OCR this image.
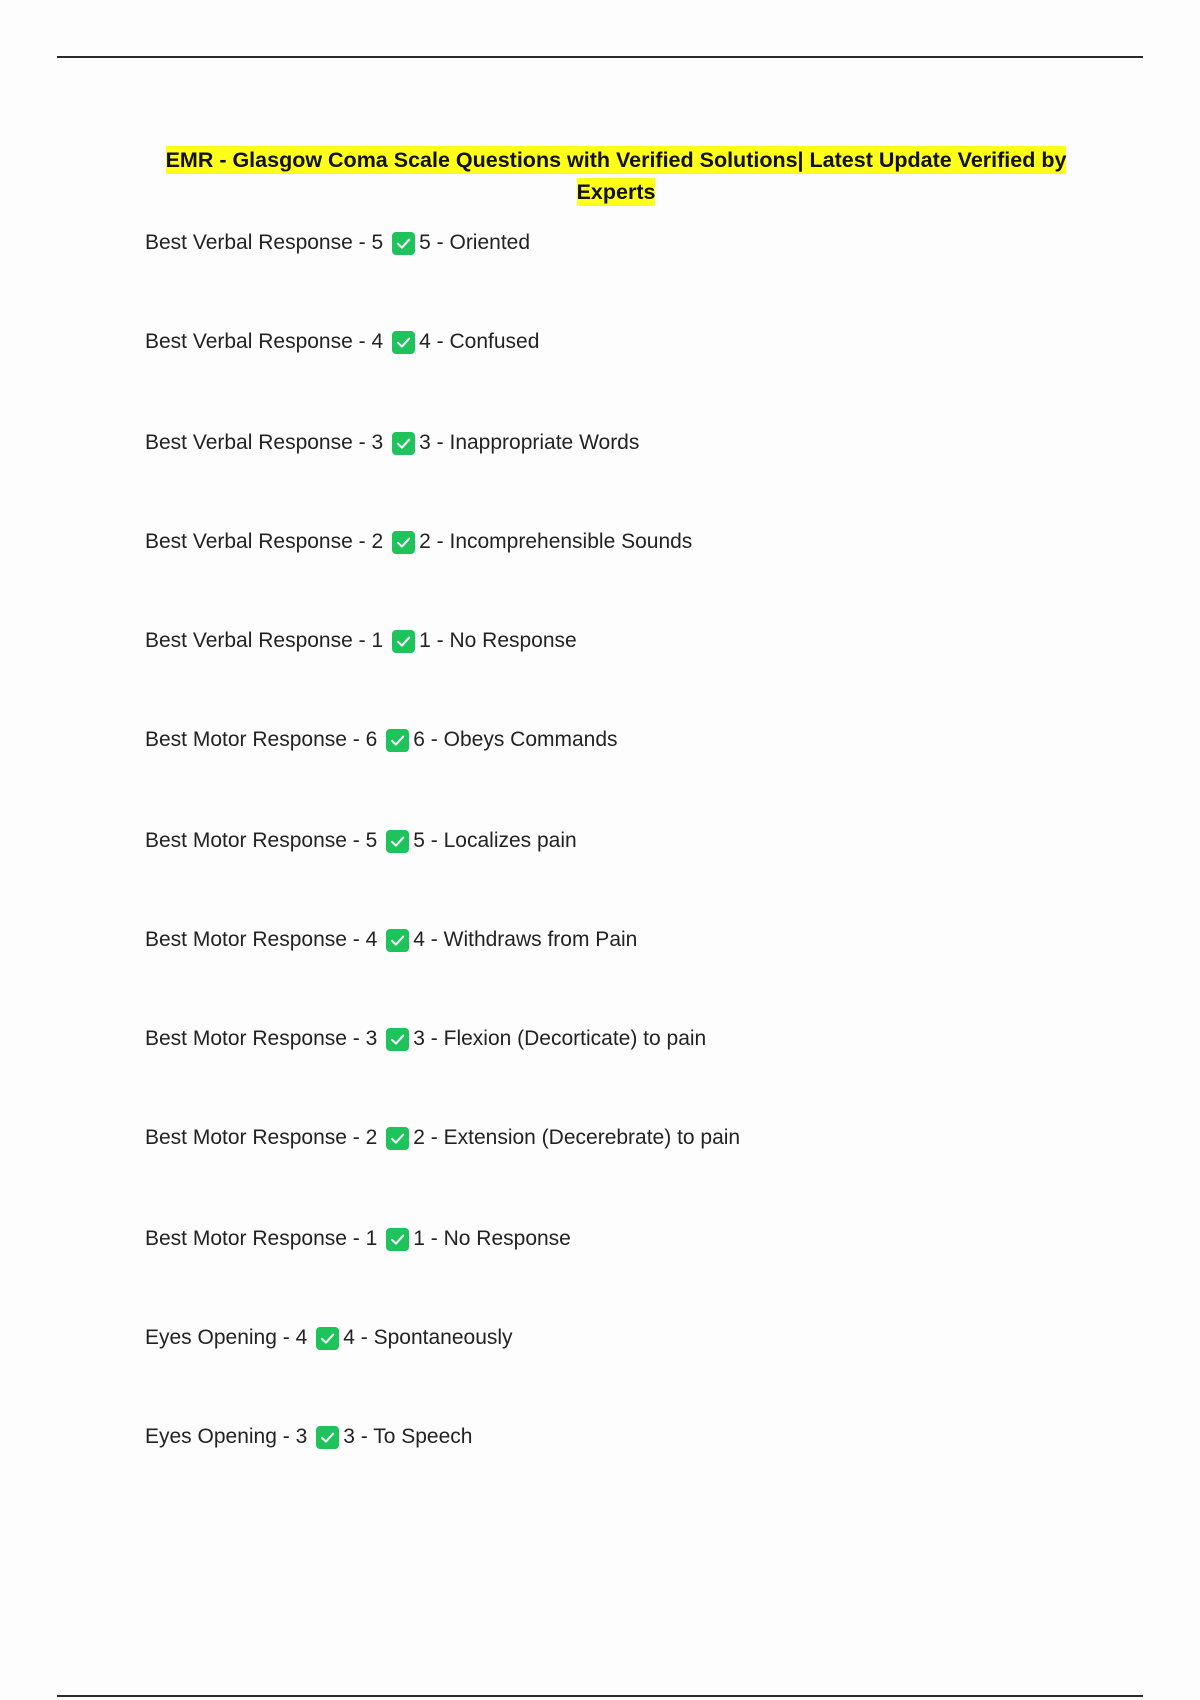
EMR - Glasgow Coma Scale Questions with Verified Solutions| Latest Update Verified by Experts
Best Verbal Response - 5 5 - Oriented
Best Verbal Response - 4 4 - Confused
Best Verbal Response - 3 3 - Inappropriate Words
Best Verbal Response - 2 2 - Incomprehensible Sounds
Best Verbal Response - 1 1 - No Response
Best Motor Response - 6 6 - Obeys Commands
Best Motor Response - 5 5 - Localizes pain
Best Motor Response - 4 4 - Withdraws from Pain
Best Motor Response - 3 3 - Flexion (Decorticate) to pain
Best Motor Response - 2 2 - Extension (Decerebrate) to pain
Best Motor Response - 1 1 - No Response
Eyes Opening - 4 4 - Spontaneously
Eyes Opening - 3 3 - To Speech
